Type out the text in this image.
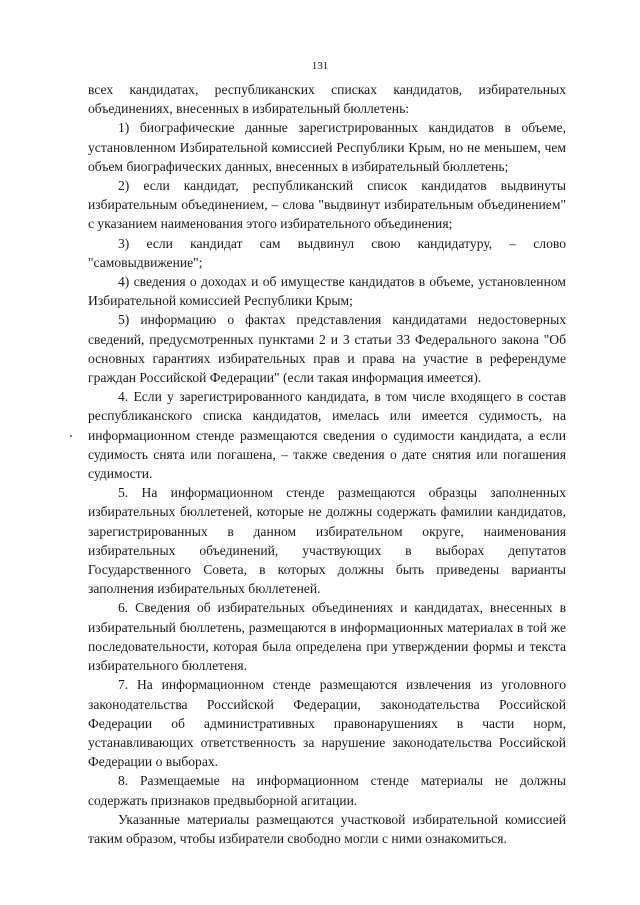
131

всех кандидатах, республиканских списках кандидатов, избирательных объединениях, внесенных в избирательный бюллетень:

1) биографические данные зарегистрированных кандидатов в объеме, установленном Избирательной комиссией Республики Крым, но не меньшем, чем объем биографических данных, внесенных в избирательный бюллетень;

2) если кандидат, республиканский список кандидатов выдвинуты избирательным объединением, – слова "выдвинут избирательным объединением" с указанием наименования этого избирательного объединения;

3) если кандидат сам выдвинул свою кандидатуру, – слово "самовыдвижение";

4) сведения о доходах и об имуществе кандидатов в объеме, установленном Избирательной комиссией Республики Крым;

5) информацию о фактах представления кандидатами недостоверных сведений, предусмотренных пунктами 2 и 3 статьи 33 Федерального закона "Об основных гарантиях избирательных прав и права на участие в референдуме граждан Российской Федерации" (если такая информация имеется).

4. Если у зарегистрированного кандидата, в том числе входящего в состав республиканского списка кандидатов, имелась или имеется судимость, на информационном стенде размещаются сведения о судимости кандидата, а если судимость снята или погашена, – также сведения о дате снятия или погашения судимости.

5. На информационном стенде размещаются образцы заполненных избирательных бюллетеней, которые не должны содержать фамилии кандидатов, зарегистрированных в данном избирательном округе, наименования избирательных объединений, участвующих в выборах депутатов Государственного Совета, в которых должны быть приведены варианты заполнения избирательных бюллетеней.

6. Сведения об избирательных объединениях и кандидатах, внесенных в избирательный бюллетень, размещаются в информационных материалах в той же последовательности, которая была определена при утверждении формы и текста избирательного бюллетеня.

7. На информационном стенде размещаются извлечения из уголовного законодательства Российской Федерации, законодательства Российской Федерации об административных правонарушениях в части норм, устанавливающих ответственность за нарушение законодательства Российской Федерации о выборах.

8. Размещаемые на информационном стенде материалы не должны содержать признаков предвыборной агитации.

Указанные материалы размещаются участковой избирательной комиссией таким образом, чтобы избиратели свободно могли с ними ознакомиться.
